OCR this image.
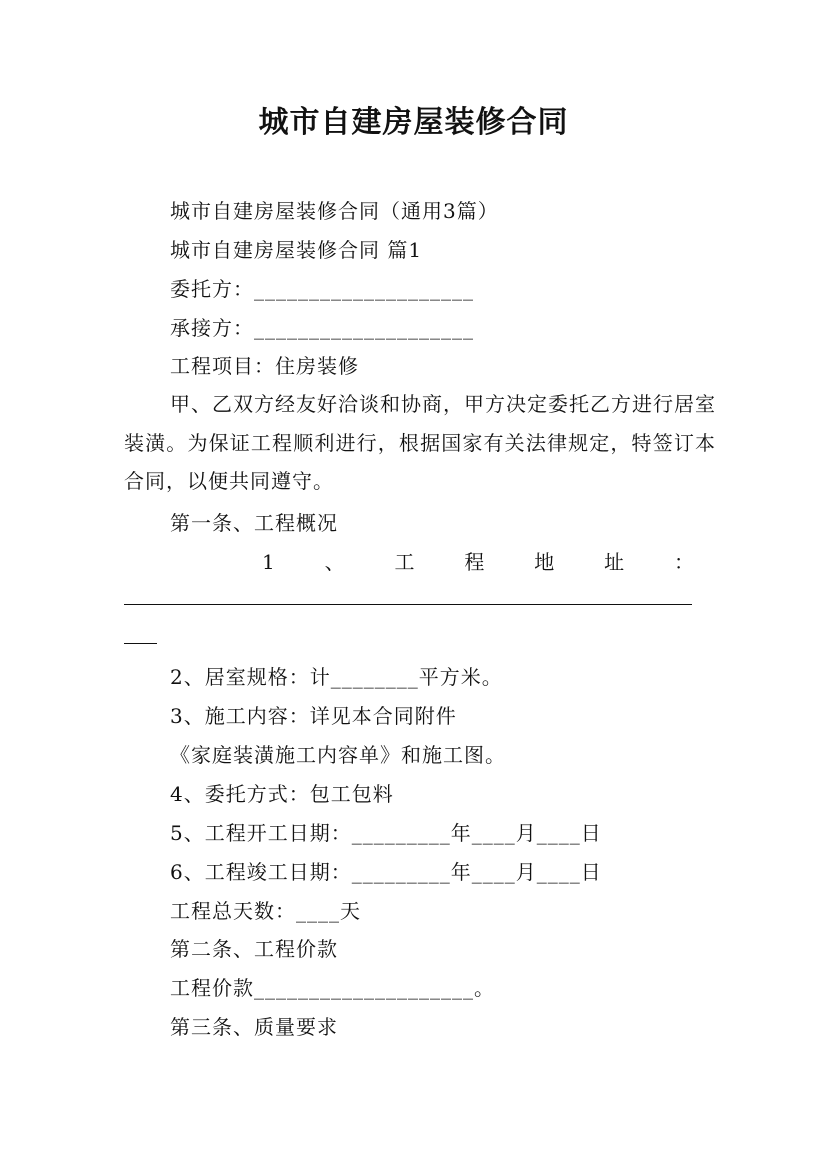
城市自建房屋装修合同
城市自建房屋装修合同（通用3篇）
城市自建房屋装修合同 篇1
委托方：____________________
承接方：____________________
工程项目：住房装修
甲、乙双方经友好洽谈和协商，甲方决定委托乙方进行居室装潢。为保证工程顺利进行，根据国家有关法律规定，特签订本合同，以便共同遵守。
第一条、工程概况
1 、 工 程 地 址 ：
2、居室规格：计________平方米。
3、施工内容：详见本合同附件
《家庭装潢施工内容单》和施工图。
4、委托方式：包工包料
5、工程开工日期：_________年____月____日
6、工程竣工日期：_________年____月____日
工程总天数：____天
第二条、工程价款
工程价款____________________。
第三条、质量要求
